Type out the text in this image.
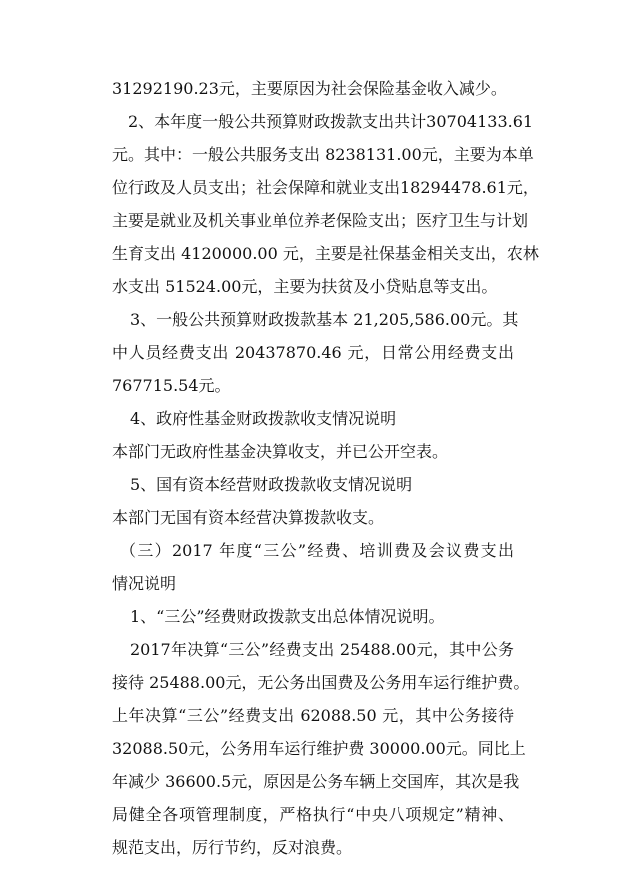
31292190.23元，主要原因为社会保险基金收入减少。
2、本年度一般公共预算财政拨款支出共计30704133.61
元。其中：一般公共服务支出 8238131.00元，主要为本单
位行政及人员支出；社会保障和就业支出18294478.61元，
主要是就业及机关事业单位养老保险支出；医疗卫生与计划
生育支出 4120000.00 元，主要是社保基金相关支出，农林
水支出 51524.00元，主要为扶贫及小贷贴息等支出。
3、一般公共预算财政拨款基本 21,205,586.00元。其
中人员经费支出 20437870.46 元，日常公用经费支出
767715.54元。
4、政府性基金财政拨款收支情况说明
本部门无政府性基金决算收支，并已公开空表。
5、国有资本经营财政拨款收支情况说明
本部门无国有资本经营决算拨款收支。
（三）2017 年度“三公”经费、培训费及会议费支出
情况说明
1、“三公”经费财政拨款支出总体情况说明。
2017年决算“三公”经费支出 25488.00元，其中公务
接待 25488.00元，无公务出国费及公务用车运行维护费。
上年决算“三公”经费支出 62088.50 元，其中公务接待
32088.50元，公务用车运行维护费 30000.00元。同比上
年减少 36600.5元，原因是公务车辆上交国库，其次是我
局健全各项管理制度，严格执行“中央八项规定”精神、
规范支出，厉行节约，反对浪费。
